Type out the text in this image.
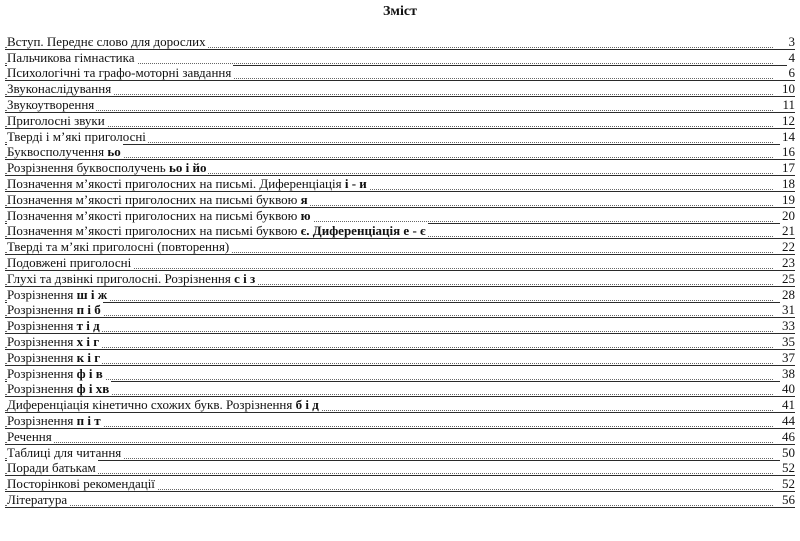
Зміст
Вступ. Переднє слово для дорослих	3
Пальчикова гімнастика	4
Психологічні та графо-моторні завдання	6
Звуконаслідування	10
Звукоутворення	11
Приголосні звуки	12
Тверді і м’які приголосні	14
Буквосполучення ьо	16
Розрізнення буквосполучень ьо і йо	17
Позначення м’якості приголосних на письмі. Диференціація і - и	18
Позначення м’якості приголосних на письмі буквою я	19
Позначення м’якості приголосних на письмі буквою ю	20
Позначення м’якості приголосних на письмі буквою є. Диференціація е - є	21
Тверді та м’які приголосні (повторення)	22
Подовжені приголосні	23
Глухі та дзвінкі приголосні. Розрізнення с і з	25
Розрізнення ш і ж	28
Розрізнення п і б	31
Розрізнення т і д	33
Розрізнення х і г	35
Розрізнення к і г	37
Розрізнення ф і в	38
Розрізнення ф і хв	40
Диференціація кінетично схожих букв. Розрізнення б і д	41
Розрізнення п і т	44
Речення	46
Таблиці для читання	50
Поради батькам	52
Посторінкові рекомендації	52
Література	56
